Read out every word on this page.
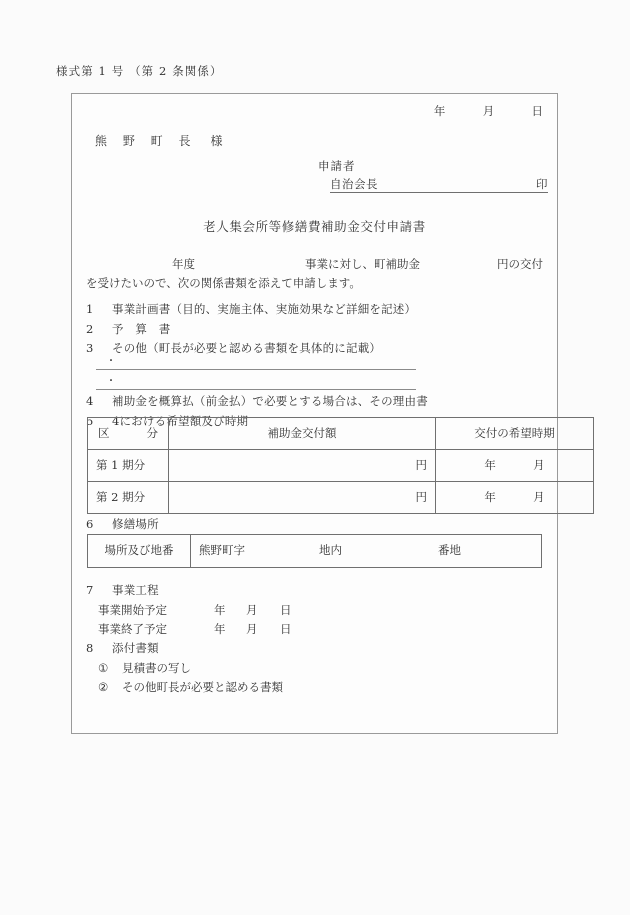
様式第 1 号 （第 2 条関係）
年	月	日
熊 野 町 長 様
申請者
自治会長	印
老人集会所等修繕費補助金交付申請書
年度	事業に対し、町補助金	円の交付
を受けたいので、次の関係書類を添えて申請します。
1	事業計画書（目的、実施主体、実施効果など詳細を記述）
2	予　算　書
3	その他（町長が必要と認める書類を具体的に記載）
・
・
4	補助金を概算払（前金払）で必要とする場合は、その理由書
5	4における希望額及び時期
区 分	補助金交付額	交付の希望時期
第 1 期分	円	年 月

第 2 期分	円	年 月
6	修繕場所
場所及び地番	熊野町字	地内	番地
7	事業工程
事業開始予定	年	月	日
事業終了予定	年	月	日
8	添付書類
①	見積書の写し
②	その他町長が必要と認める書類
